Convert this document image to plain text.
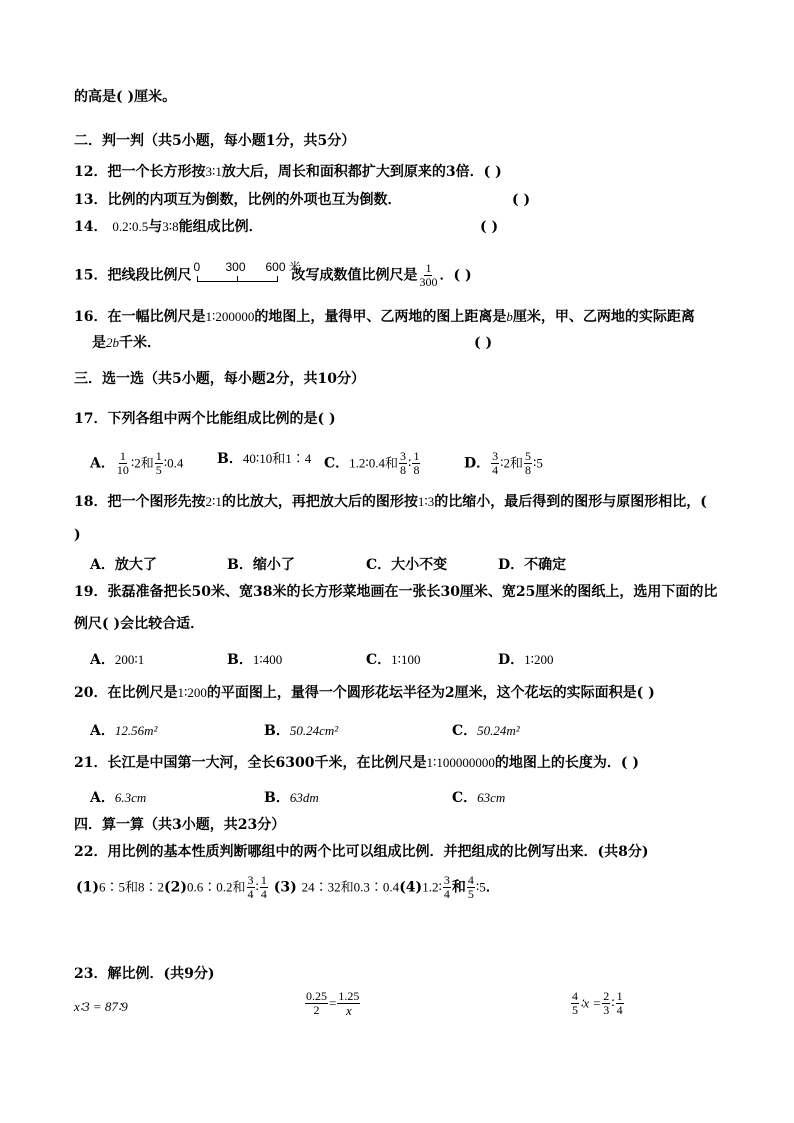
的高是( )厘米。
二．判一判（共5小题，每小题1分，共5分）
12．把一个长方形按3∶1放大后，周长和面积都扩大到原来的3倍．( )
13．比例的内项互为倒数，比例的外项也互为倒数．	( )
14． 0.2∶0.5与3∶8能组成比例．	( )
15．把线段比例尺
0 300 600 米
改写成数值比例尺是 $\frac{1}{300}$ ．( )
16．在一幅比例尺是1∶200000的地图上，量得甲、乙两地的图上距离是b厘米，甲、乙两地的实际距离
是2b千米．	( )
三．选一选（共5小题，每小题2分，共10分）
17．下列各组中两个比能组成比例的是( )
A． $\frac{1}{10}$ ∶2和 $\frac{1}{5}$ ∶0.4 B．40∶10和1∶4 C．1.2∶0.4和 $\frac{3}{8}$ ∶ $\frac{1}{8}$	D． $\frac{3}{4}$ ∶2和 $\frac{5}{8}$ ∶5
18．把一个图形先按2∶1的比放大，再把放大后的图形按1∶3的比缩小，最后得到的图形与原图形相比，(
)
A．放大了	B．缩小了	C．大小不变	D．不确定
19．张磊准备把长50米、宽38米的长方形菜地画在一张长30厘米、宽25厘米的图纸上，选用下面的比
例尺( )会比较合适．
A．200∶1	B．1∶400	C．1∶100	D．1∶200
20．在比例尺是1∶200的平面图上，量得一个圆形花坛半径为2厘米，这个花坛的实际面积是( )
A．12.56m²	B．50.24cm²	C．50.24m²
21．长江是中国第一大河，全长6300千米，在比例尺是1∶100000000的地图上的长度为．( )
A．6.3cm	B．63dm	C．63cm
四．算一算（共3小题，共23分）
22．用比例的基本性质判断哪组中的两个比可以组成比例．并把组成的比例写出来．(共8分)
(1)6∶5和8∶2(2)0.6∶0.2和 $\frac{3}{4}$ ∶ $\frac{1}{4} (3)$ 24∶32和0.3∶0.4(4)1.2∶ $\frac{3}{4}$ 和 $\frac{4}{5}$ ∶5．
23．解比例．(共9分)
x∶3 = 87∶9	$\frac{0.25}{2} = \frac{1.25}{x}$	$\frac{4}{5}$ ∶x = $\frac{2}{3}$ ∶ $\frac{1}{4}$
